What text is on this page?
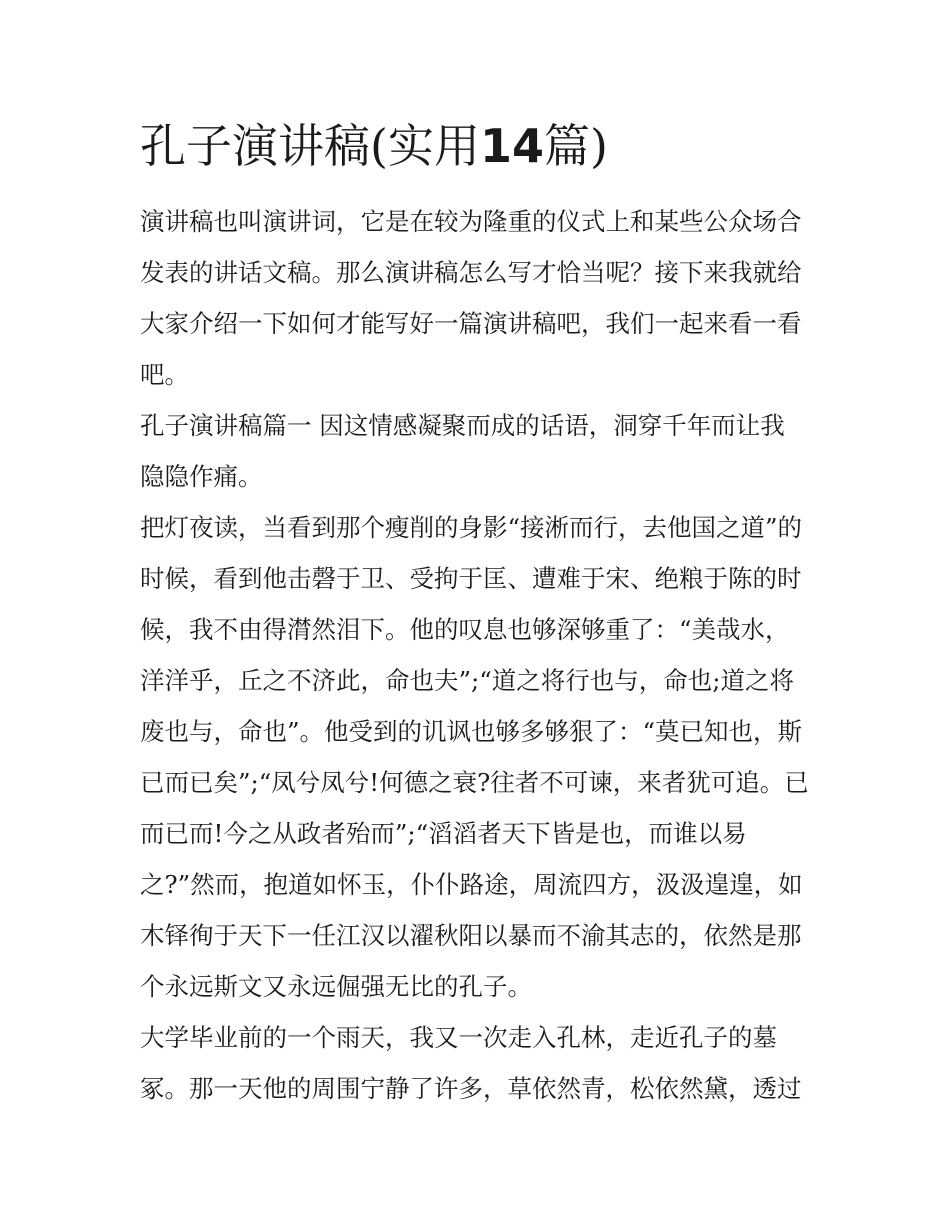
孔子演讲稿(实用14篇)
演讲稿也叫演讲词，它是在较为隆重的仪式上和某些公众场合
发表的讲话文稿。那么演讲稿怎么写才恰当呢？接下来我就给
大家介绍一下如何才能写好一篇演讲稿吧，我们一起来看一看
吧。
孔子演讲稿篇一 因这情感凝聚而成的话语，洞穿千年而让我
隐隐作痛。
把灯夜读，当看到那个瘦削的身影“接淅而行，去他国之道”的
时候，看到他击磬于卫、受拘于匡、遭难于宋、绝粮于陈的时
候，我不由得潸然泪下。他的叹息也够深够重了：“美哉水，
洋洋乎，丘之不济此，命也夫”;“道之将行也与，命也;道之将
废也与，命也”。他受到的讥讽也够多够狠了：“莫已知也，斯
已而已矣”;“凤兮凤兮!何德之衰?往者不可谏，来者犹可追。已
而已而!今之从政者殆而”;“滔滔者天下皆是也，而谁以易
之?”然而，抱道如怀玉，仆仆路途，周流四方，汲汲遑遑，如
木铎徇于天下一任江汉以濯秋阳以暴而不渝其志的，依然是那
个永远斯文又永远倔强无比的孔子。
大学毕业前的一个雨天，我又一次走入孔林，走近孔子的墓
冢。那一天他的周围宁静了许多，草依然青，松依然黛，透过
